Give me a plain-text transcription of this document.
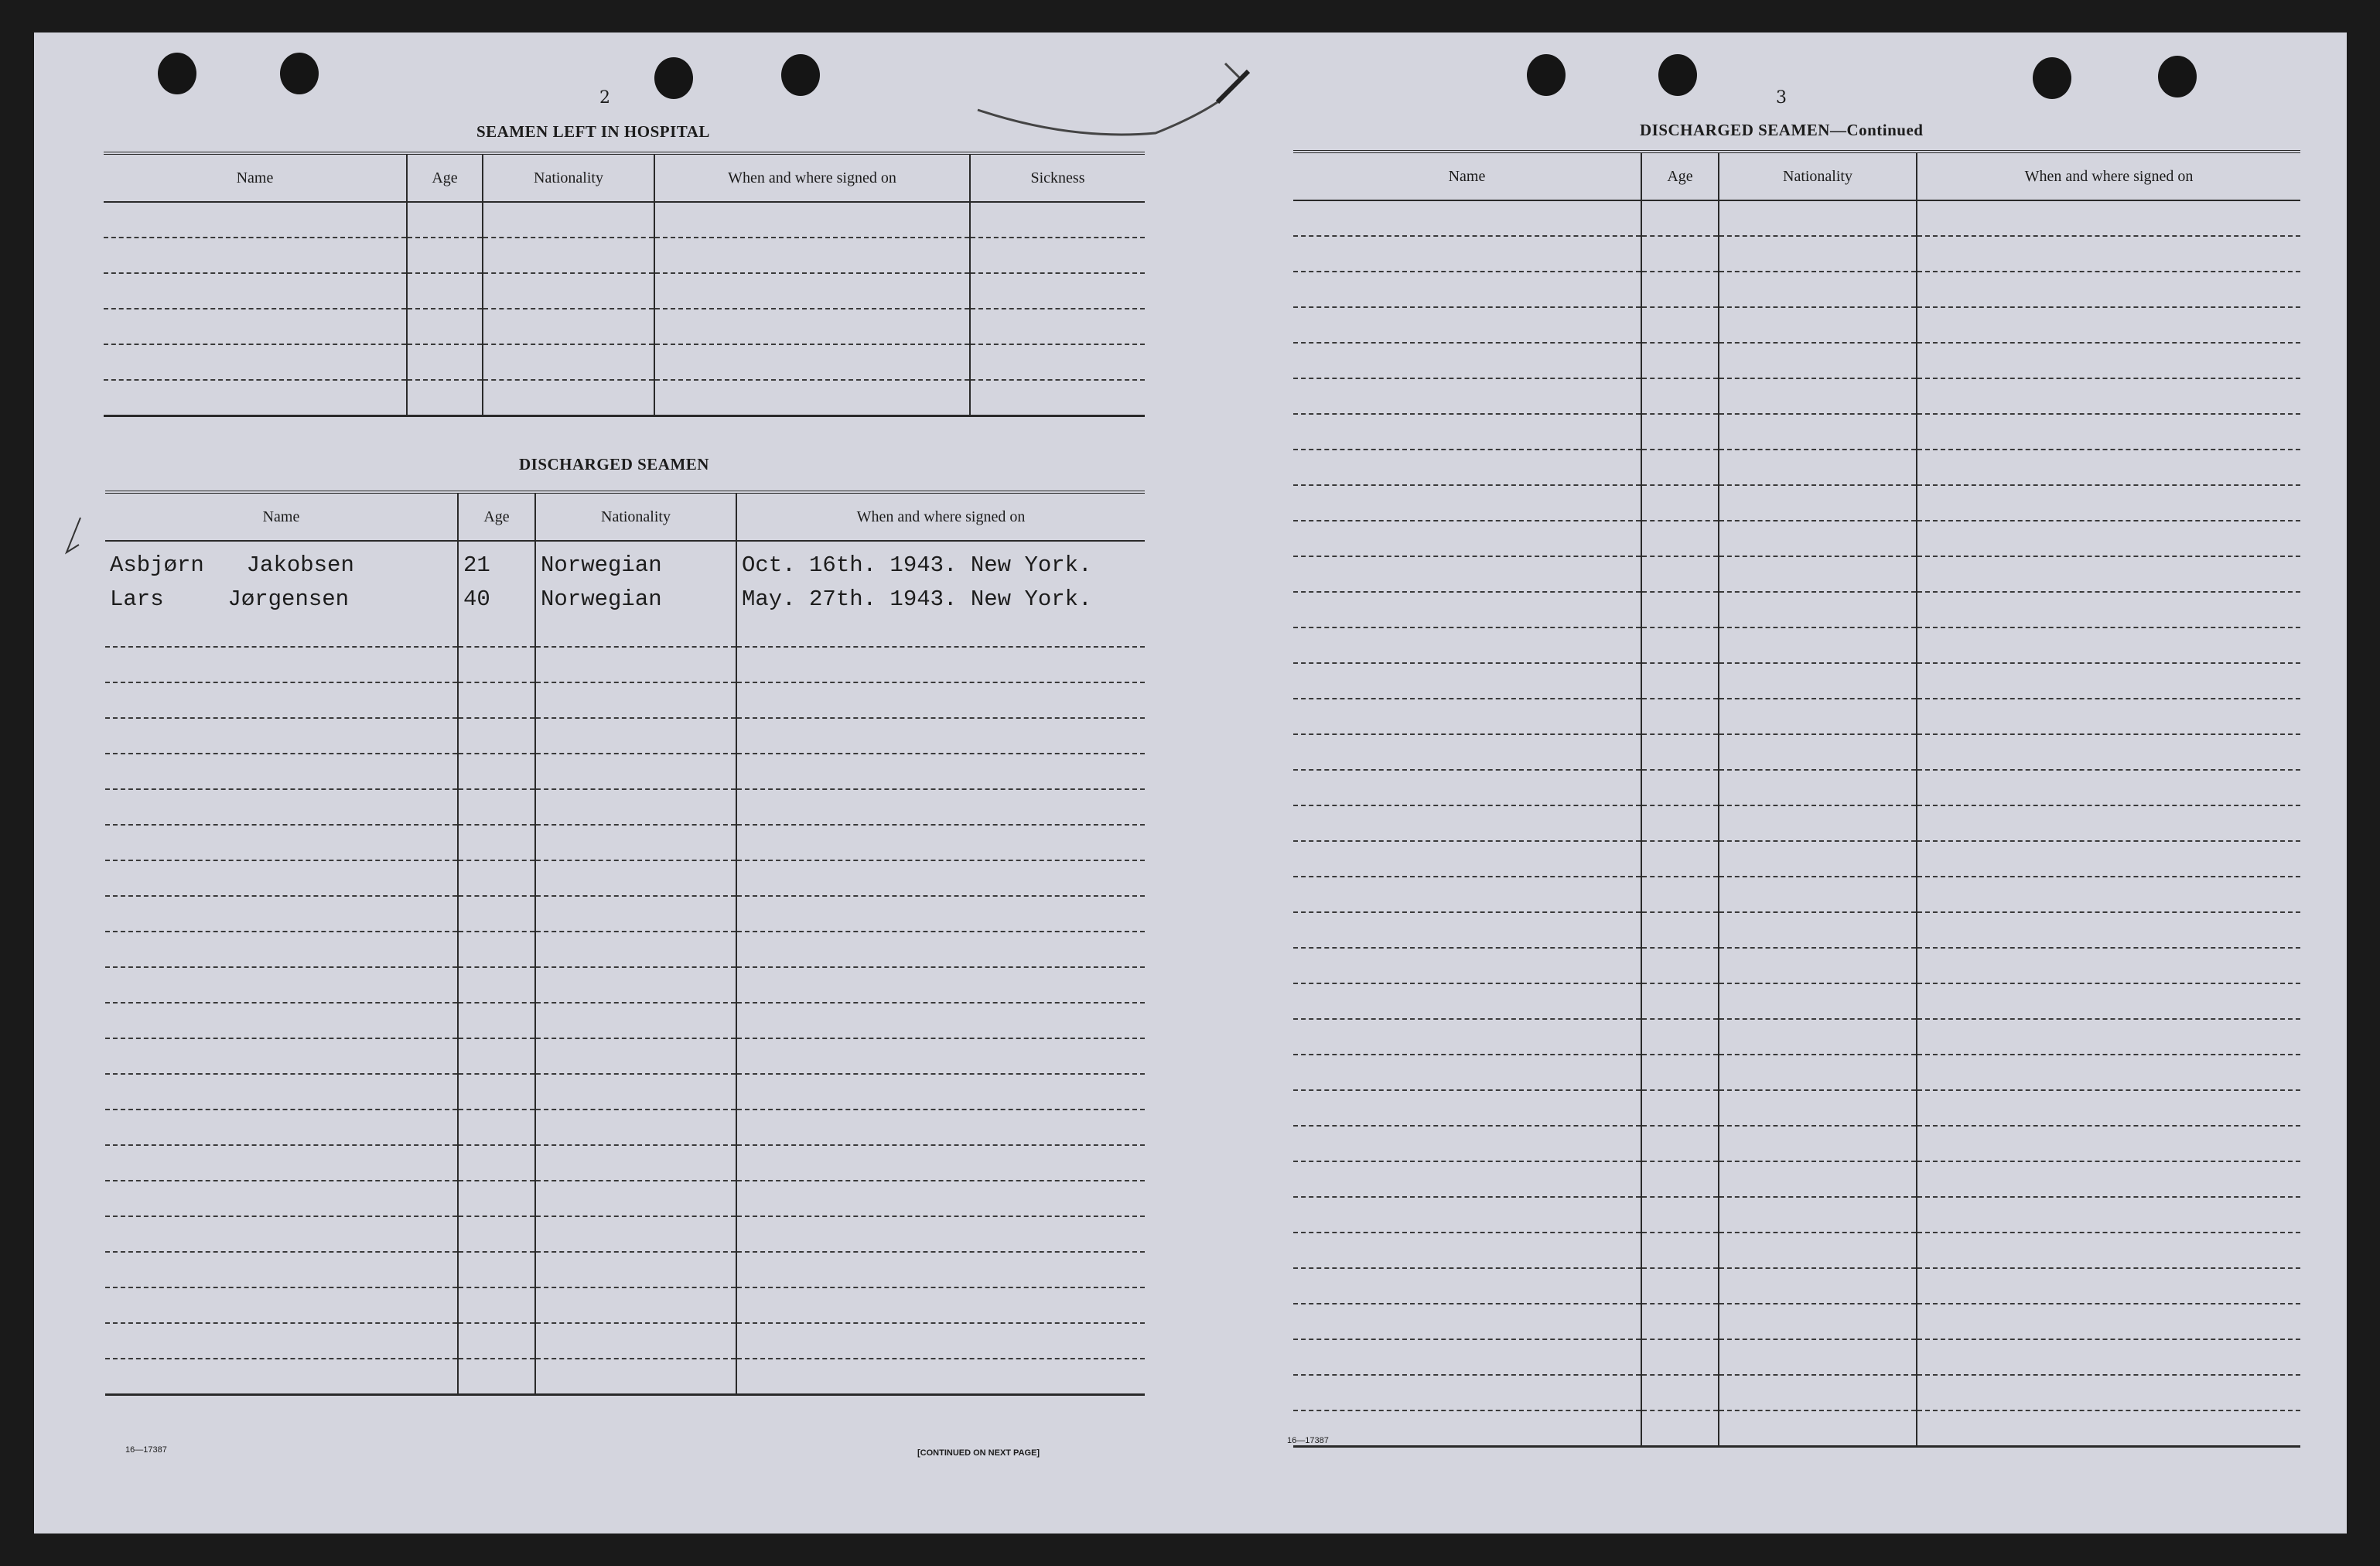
2
SEAMEN LEFT IN HOSPITAL
Name	Age	Nationality	When and where signed on	Sickness

DISCHARGED SEAMEN
Name	Age	Nationality	When and where signed on
Asbjørn Jakobsen	21	Norwegian	Oct. 16th. 1943. New York.
Lars Jørgensen	40	Norwegian	May. 27th. 1943. New York.

16—17387	[CONTINUED ON NEXT PAGE]
3
DISCHARGED SEAMEN—Continued
Name	Age	Nationality	When and where signed on

16—17387
